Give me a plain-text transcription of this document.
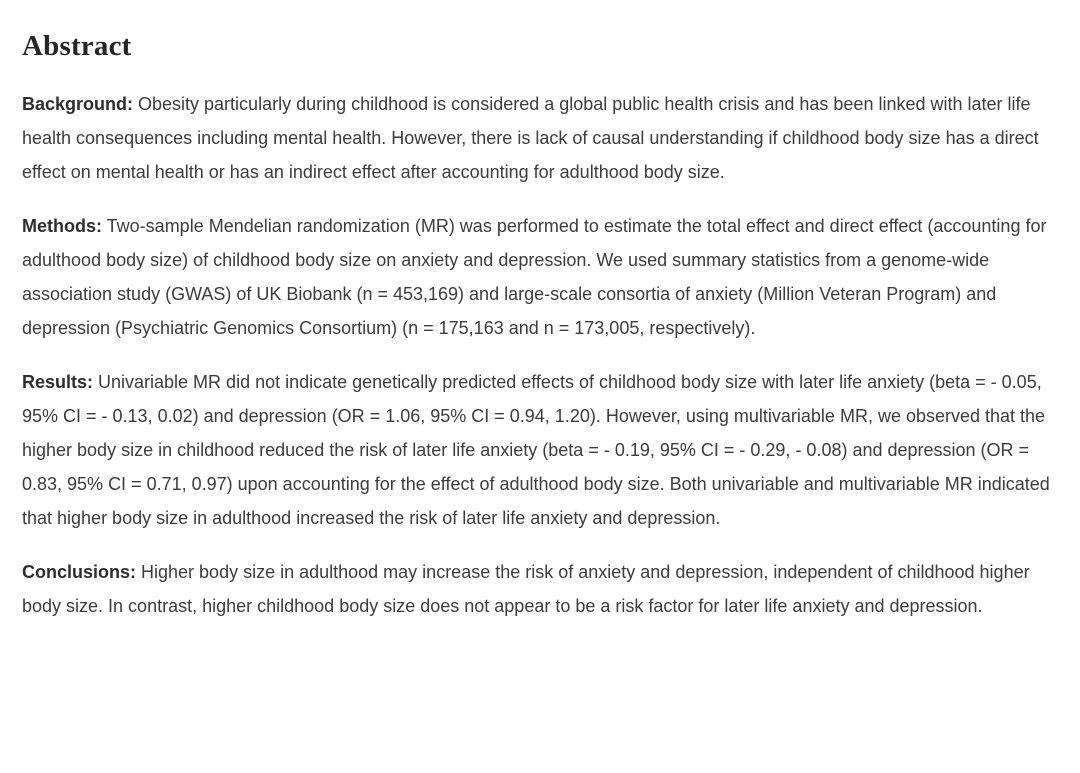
Abstract

Background: Obesity particularly during childhood is considered a global public health crisis and has been linked with later life health consequences including mental health. However, there is lack of causal understanding if childhood body size has a direct effect on mental health or has an indirect effect after accounting for adulthood body size.

Methods: Two-sample Mendelian randomization (MR) was performed to estimate the total effect and direct effect (accounting for adulthood body size) of childhood body size on anxiety and depression. We used summary statistics from a genome-wide association study (GWAS) of UK Biobank (n = 453,169) and large-scale consortia of anxiety (Million Veteran Program) and depression (Psychiatric Genomics Consortium) (n = 175,163 and n = 173,005, respectively).

Results: Univariable MR did not indicate genetically predicted effects of childhood body size with later life anxiety (beta = - 0.05, 95% CI = - 0.13, 0.02) and depression (OR = 1.06, 95% CI = 0.94, 1.20). However, using multivariable MR, we observed that the higher body size in childhood reduced the risk of later life anxiety (beta = - 0.19, 95% CI = - 0.29, - 0.08) and depression (OR = 0.83, 95% CI = 0.71, 0.97) upon accounting for the effect of adulthood body size. Both univariable and multivariable MR indicated that higher body size in adulthood increased the risk of later life anxiety and depression.

Conclusions: Higher body size in adulthood may increase the risk of anxiety and depression, independent of childhood higher body size. In contrast, higher childhood body size does not appear to be a risk factor for later life anxiety and depression.
